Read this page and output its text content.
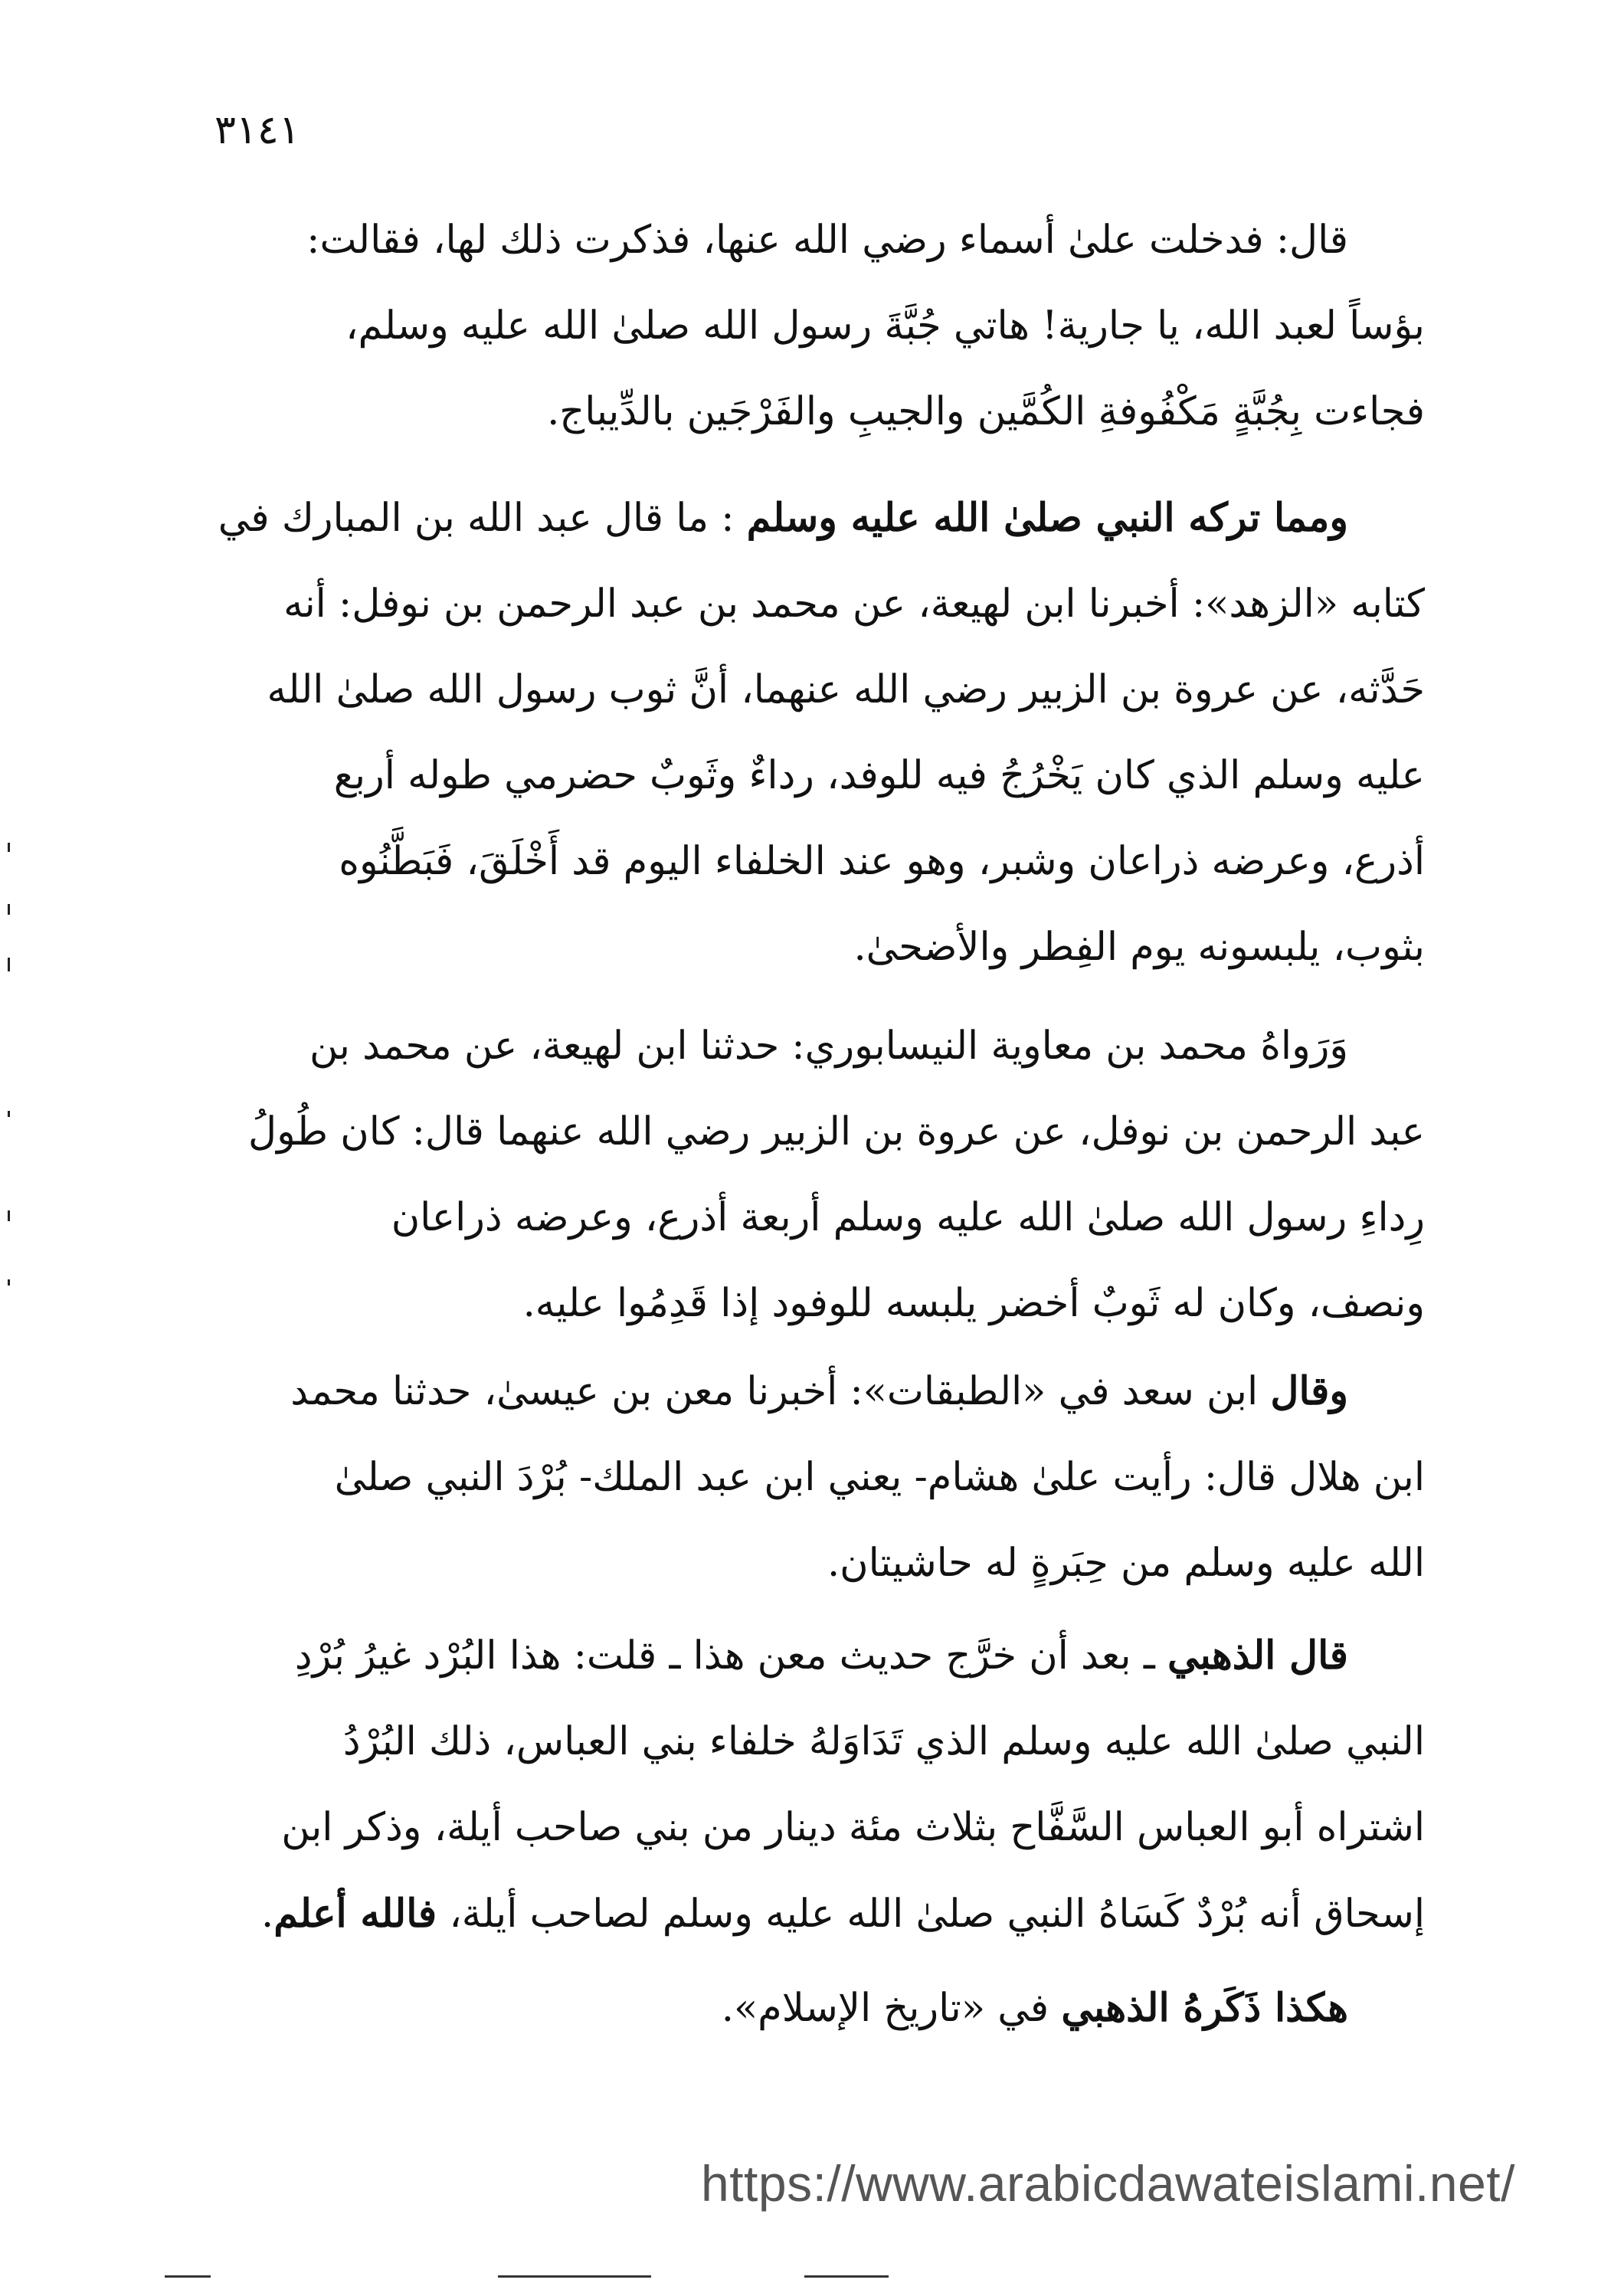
٣١٤١
قال: فدخلت علىٰ أسماء رضي الله عنها، فذكرت ذلك لها، فقالت:
بؤساً لعبد الله، يا جارية! هاتي جُبَّةَ رسول الله صلىٰ الله عليه وسلم،
فجاءت بِجُبَّةٍ مَكْفُوفةِ الكُمَّين والجيبِ والفَرْجَين بالدِّيباج.
ومما تركه النبي صلىٰ الله عليه وسلم : ما قال عبد الله بن المبارك في
كتابه «الزهد»: أخبرنا ابن لهيعة، عن محمد بن عبد الرحمن بن نوفل: أنه
حَدَّثه، عن عروة بن الزبير رضي الله عنهما، أنَّ ثوب رسول الله صلىٰ الله
عليه وسلم الذي كان يَخْرُجُ فيه للوفد، رداءٌ وثَوبٌ حضرمي طوله أربع
أذرع، وعرضه ذراعان وشبر، وهو عند الخلفاء اليوم قد أَخْلَقَ، فَبَطَّنُوه
بثوب، يلبسونه يوم الفِطر والأضحىٰ.
وَرَواهُ محمد بن معاوية النيسابوري: حدثنا ابن لهيعة، عن محمد بن
عبد الرحمن بن نوفل، عن عروة بن الزبير رضي الله عنهما قال: كان طُولُ
رِداءِ رسول الله صلىٰ الله عليه وسلم أربعة أذرع، وعرضه ذراعان
ونصف، وكان له ثَوبٌ أخضر يلبسه للوفود إذا قَدِمُوا عليه.
وقال ابن سعد في «الطبقات»: أخبرنا معن بن عيسىٰ، حدثنا محمد
ابن هلال قال: رأيت علىٰ هشام- يعني ابن عبد الملك- بُرْدَ النبي صلىٰ
الله عليه وسلم من حِبَرةٍ له حاشيتان.
قال الذهبي ـ بعد أن خرَّج حديث معن هذا ـ قلت: هذا البُرْد غيرُ بُرْدِ
النبي صلىٰ الله عليه وسلم الذي تَدَاوَلهُ خلفاء بني العباس، ذلك البُرْدُ
اشتراه أبو العباس السَّفَّاح بثلاث مئة دينار من بني صاحب أيلة، وذكر ابن
إسحاق أنه بُرْدٌ كَسَاهُ النبي صلىٰ الله عليه وسلم لصاحب أيلة، فالله أعلم.
هكذا ذَكَرهُ الذهبي في «تاريخ الإسلام».
https://www.arabicdawateislami.net/
